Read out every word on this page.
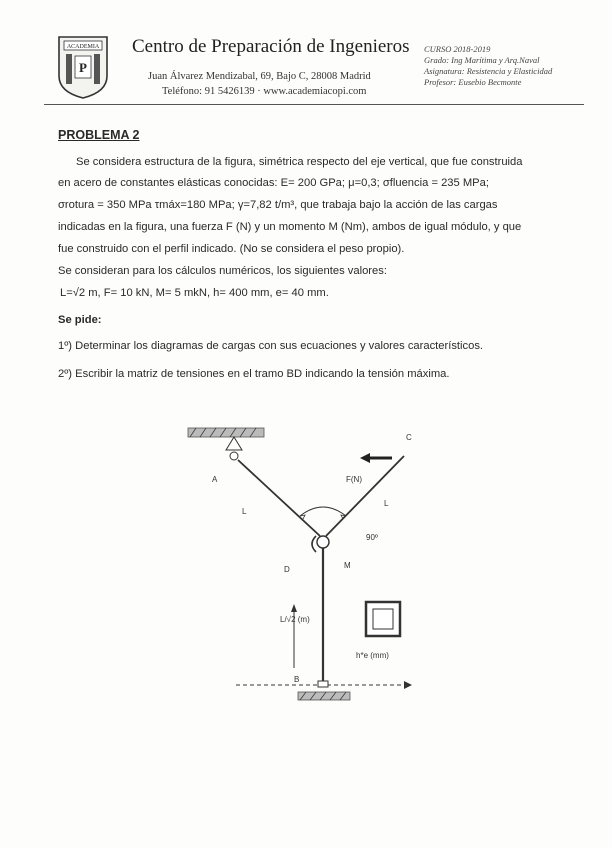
ACADEMIA
P
Centro de Preparación de Ingenieros
Juan Álvarez Mendizabal, 69, Bajo C, 28008 Madrid
Teléfono: 91 5426139 · www.academiacopi.com
CURSO 2018-2019
Grado: Ing Marítima y Arq.Naval
Asignatura: Resistencia y Elasticidad
Profesor: Eusebio Becmonte
PROBLEMA 2
Se considera estructura de la figura, simétrica respecto del eje vertical, que fue construida
en acero de constantes elásticas conocidas: E= 200 GPa; μ=0,3; σfluencia = 235 MPa;
σrotura = 350 MPa τmáx=180 MPa; γ=7,82 t/m³, que trabaja bajo la acción de las cargas
indicadas en la figura, una fuerza F (N) y un momento M (Nm), ambos de igual módulo, y que
fue construido con el perfil indicado. (No se considera el peso propio).
Se consideran para los cálculos numéricos, los siguientes valores:
L=√2 m, F= 10 kN, M= 5 mkN, h= 400 mm, e= 40 mm.
Se pide:
1º) Determinar los diagramas de cargas con sus ecuaciones y valores característicos.
2º) Escribir la matriz de tensiones en el tramo BD indicando la tensión máxima.
A
C
F(N)
L
L
90º
D	M
L/√2 (m)
h*e (mm)
B
